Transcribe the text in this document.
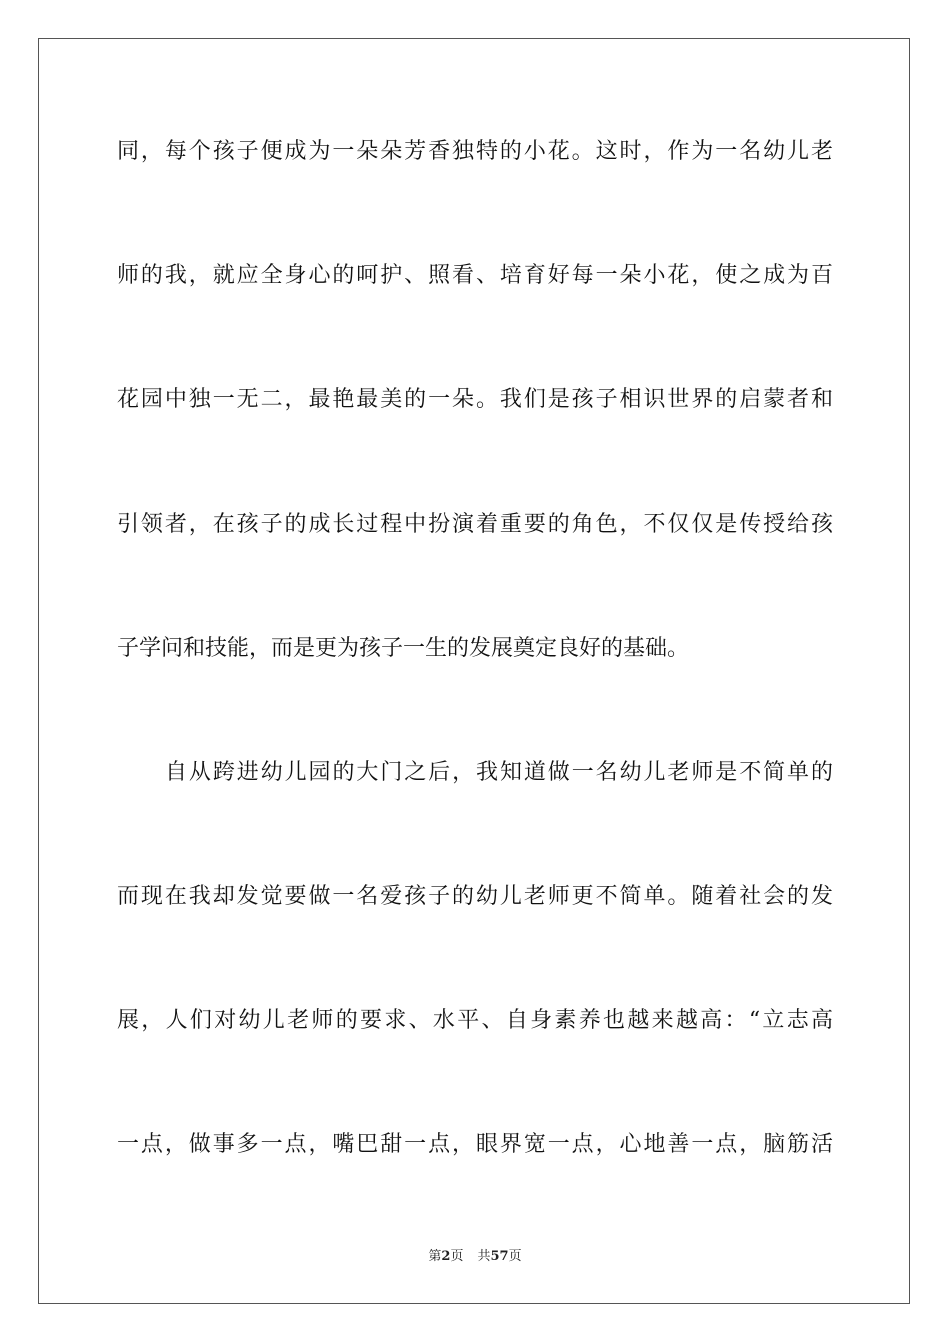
同，每个孩子便成为一朵朵芳香独特的小花。这时，作为一名幼儿老
师的我，就应全身心的呵护、照看、培育好每一朵小花，使之成为百
花园中独一无二，最艳最美的一朵。我们是孩子相识世界的启蒙者和
引领者，在孩子的成长过程中扮演着重要的角色，不仅仅是传授给孩
子学问和技能，而是更为孩子一生的发展奠定良好的基础。
自从跨进幼儿园的大门之后，我知道做一名幼儿老师是不简单的
而现在我却发觉要做一名爱孩子的幼儿老师更不简单。随着社会的发
展，人们对幼儿老师的要求、水平、自身素养也越来越高：“立志高
一点，做事多一点，嘴巴甜一点，眼界宽一点，心地善一点，脑筋活
第2页 共57页
